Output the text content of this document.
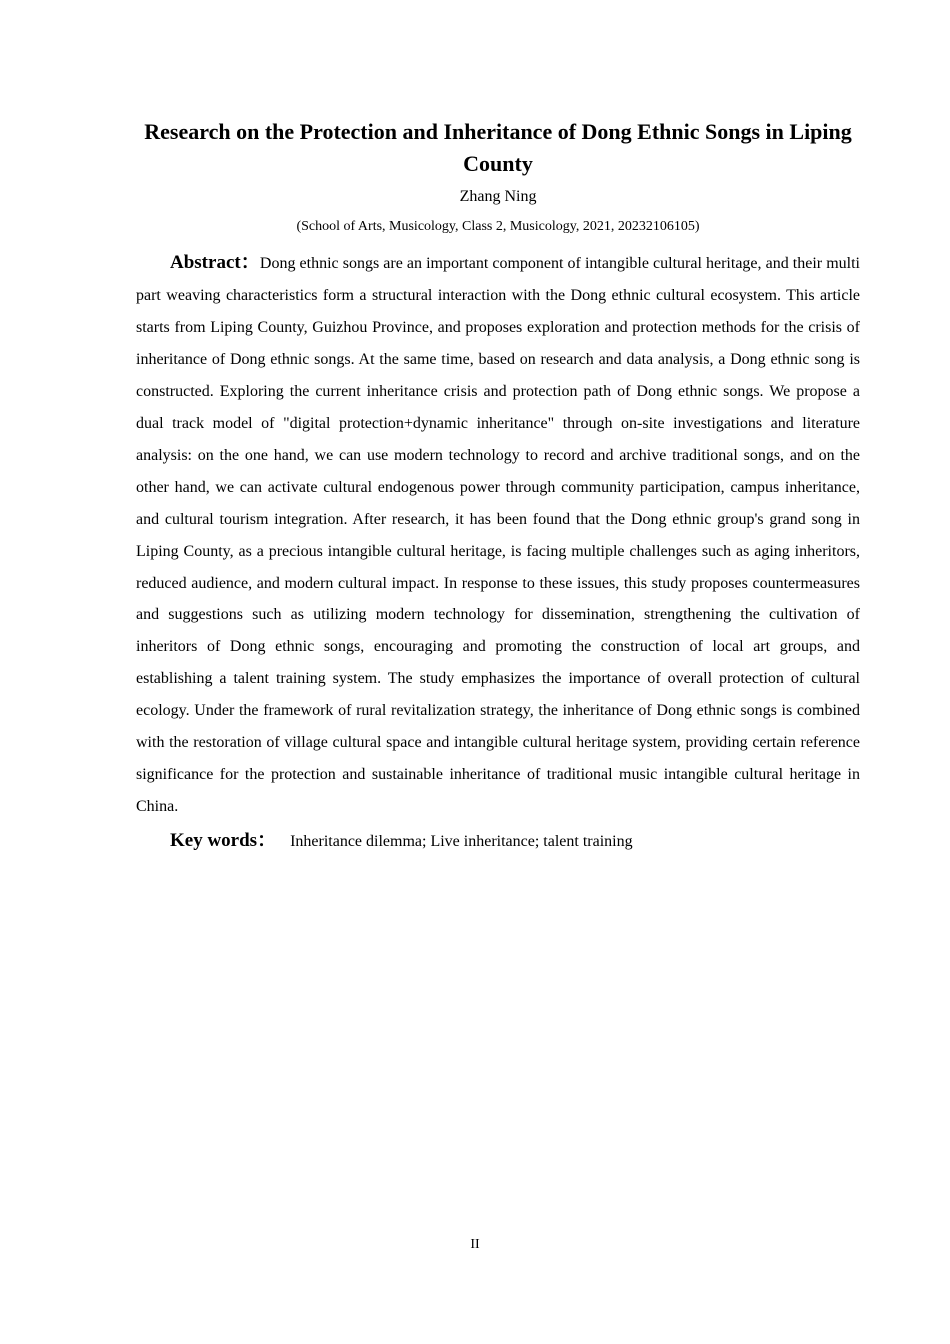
Research on the Protection and Inheritance of Dong Ethnic Songs in Liping County
Zhang Ning
(School of Arts, Musicology, Class 2, Musicology, 2021, 20232106105)
Abstract：Dong ethnic songs are an important component of intangible cultural heritage, and their multi part weaving characteristics form a structural interaction with the Dong ethnic cultural ecosystem. This article starts from Liping County, Guizhou Province, and proposes exploration and protection methods for the crisis of inheritance of Dong ethnic songs. At the same time, based on research and data analysis, a Dong ethnic song is constructed. Exploring the current inheritance crisis and protection path of Dong ethnic songs. We propose a dual track model of "digital protection+dynamic inheritance" through on-site investigations and literature analysis: on the one hand, we can use modern technology to record and archive traditional songs, and on the other hand, we can activate cultural endogenous power through community participation, campus inheritance, and cultural tourism integration. After research, it has been found that the Dong ethnic group's grand song in Liping County, as a precious intangible cultural heritage, is facing multiple challenges such as aging inheritors, reduced audience, and modern cultural impact. In response to these issues, this study proposes countermeasures and suggestions such as utilizing modern technology for dissemination, strengthening the cultivation of inheritors of Dong ethnic songs, encouraging and promoting the construction of local art groups, and establishing a talent training system. The study emphasizes the importance of overall protection of cultural ecology. Under the framework of rural revitalization strategy, the inheritance of Dong ethnic songs is combined with the restoration of village cultural space and intangible cultural heritage system, providing certain reference significance for the protection and sustainable inheritance of traditional music intangible cultural heritage in China.
Key words： Inheritance dilemma; Live inheritance; talent training
II
